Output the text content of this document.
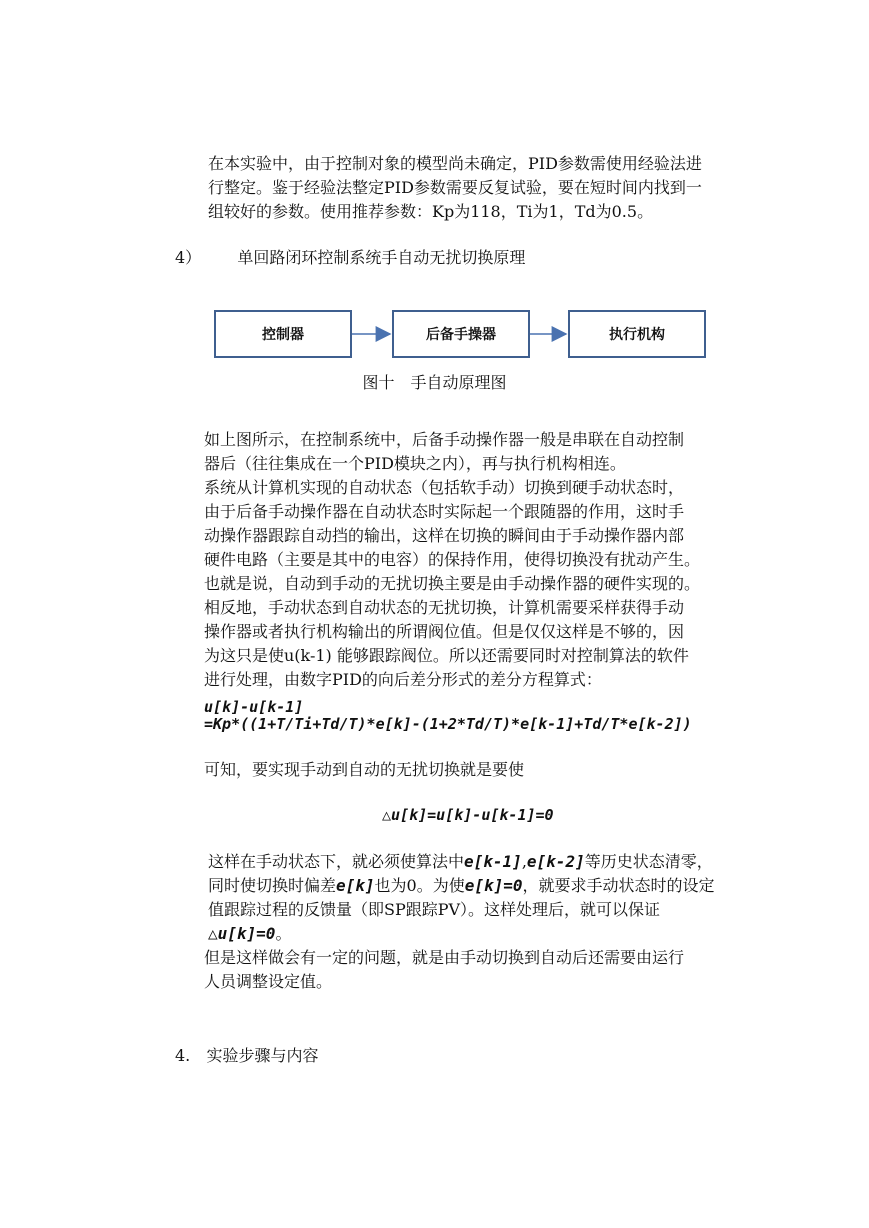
在本实验中，由于控制对象的模型尚未确定，PID参数需使用经验法进

行整定。鉴于经验法整定PID参数需要反复试验，要在短时间内找到一

组较好的参数。使用推荐参数：Kp为118，Ti为1，Td为0.5。

4） 单回路闭环控制系统手自动无扰切换原理
控制器	后备手操器	执行机构
图十　手自动原理图

如上图所示，在控制系统中，后备手动操作器一般是串联在自动控制

器后（往往集成在一个PID模块之内），再与执行机构相连。

系统从计算机实现的自动状态（包括软手动）切换到硬手动状态时，

由于后备手动操作器在自动状态时实际起一个跟随器的作用，这时手

动操作器跟踪自动挡的输出，这样在切换的瞬间由于手动操作器内部

硬件电路（主要是其中的电容）的保持作用，使得切换没有扰动产生。

也就是说，自动到手动的无扰切换主要是由手动操作器的硬件实现的。

相反地，手动状态到自动状态的无扰切换，计算机需要采样获得手动

操作器或者执行机构输出的所谓阀位值。但是仅仅这样是不够的，因

为这只是使u(k-1) 能够跟踪阀位。所以还需要同时对控制算法的软件

进行处理，由数字PID的向后差分形式的差分方程算式：

u[k]-u[k-1]
=Kp*((1+T/Ti+Td/T)*e[k]-(1+2*Td/T)*e[k-1]+Td/T*e[k-2])

可知，要实现手动到自动的无扰切换就是要使

△u[k]=u[k]-u[k-1]=0

这样在手动状态下，就必须使算法中e[k-1],e[k-2]等历史状态清零，

同时使切换时偏差e[k]也为0。为使e[k]=0，就要求手动状态时的设定

值跟踪过程的反馈量（即SP跟踪PV）。这样处理后，就可以保证

△u[k]=0。

但是这样做会有一定的问题，就是由手动切换到自动后还需要由运行

人员调整设定值。

4. 实验步骤与内容
